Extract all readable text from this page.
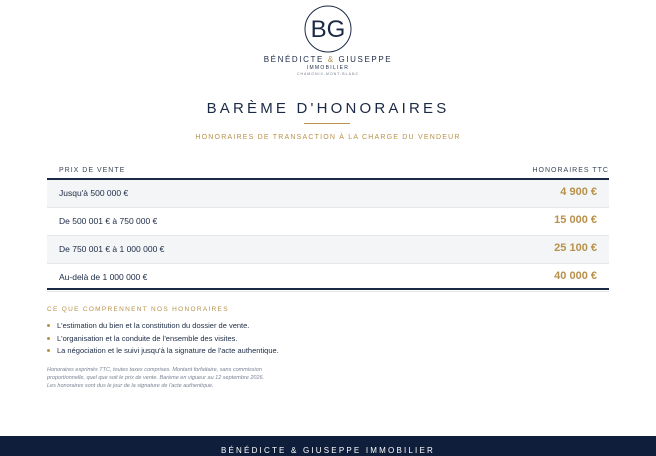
BG
BÉNÉDICTE & GIUSEPPE
IMMOBILIER
CHAMONIX-MONT-BLANC
BARÈME D'HONORAIRES
HONORAIRES DE TRANSACTION À LA CHARGE DU VENDEUR
PRIX DE VENTE	HONORAIRES TTC
Jusqu'à 500 000 €	4 900 €
De 500 001 € à 750 000 €	15 000 €
De 750 001 € à 1 000 000 €	25 100 €
Au-delà de 1 000 000 €	40 000 €
CE QUE COMPRENNENT NOS HONORAIRES
L'estimation du bien et la constitution du dossier de vente.
L'organisation et la conduite de l'ensemble des visites.
La négociation et le suivi jusqu'à la signature de l'acte authentique.
Honoraires exprimés TTC, toutes taxes comprises. Montant forfaitaire, sans commission
proportionnelle, quel que soit le prix de vente. Barème en vigueur au 12 septembre 2026.
Les honoraires sont dus le jour de la signature de l'acte authentique.
BÉNÉDICTE & GIUSEPPE IMMOBILIER
